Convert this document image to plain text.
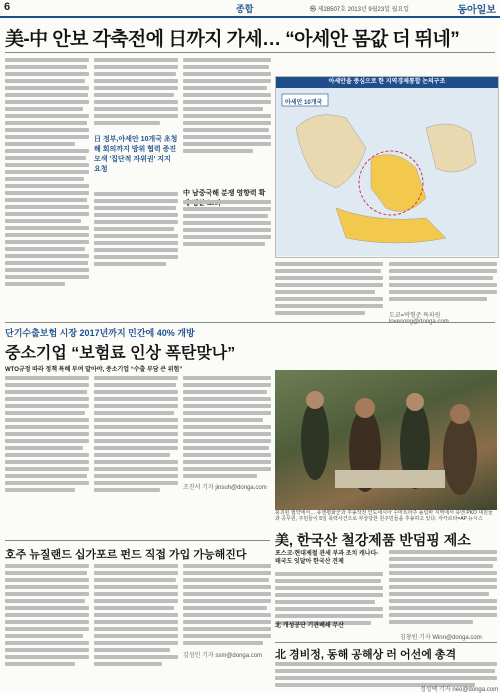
6	종합	㉿ 제28507호 2013년 9월23일 월요일	동아일보
美-中 안보 각축전에 日까지 가세… “아세안 몸값 더 뛰네”
日 정부,아세안 10개국 초청해 회의까지 방위 협력 증진 모색 '집단적 자위권' 지지 요청
中 남중국해 분쟁 영향력 확
아세안을 중심으로 한 지역경제통합 논의구조
아세안 10개국
도쿄=박형준 특파원
단기수출보험 시장 2017년까지 민간에 40% 개방
중소기업 “보험료 인상 폭탄맞나”
WTO규정 따라 정책 특혜 부여 말아야, 중소기업 “수출 부담 큰 위험”
조진서 기자 jinsuh@donga.com
붕괴된 협약에서… 유엔평화군과 후송작전 인도네시아 수마트라주 돌림바 지역에서 유엔 PKO 대원들과 공무원, 주민들이 5일 폭력사건으로 부상당한 원주민들을 후송하고 있다. 자카르타=AP 뉴시스
美, 한국산 철강제품 반덤핑 제소
포스코-현대제철 관세 부과 조치 캐나다-태국도 잇달아 한국산 견제
김창원 기자 Winn@donga.com
北 개성공단 기관폐쇄 무산
北 경비정, 동해 공해상 러 어선에 총격
호주 뉴질랜드 십가포르 펀드 직접 가입 가능해진다
김성민 기자 ssm@donga.com
정성택 기자 neo@donga.com
